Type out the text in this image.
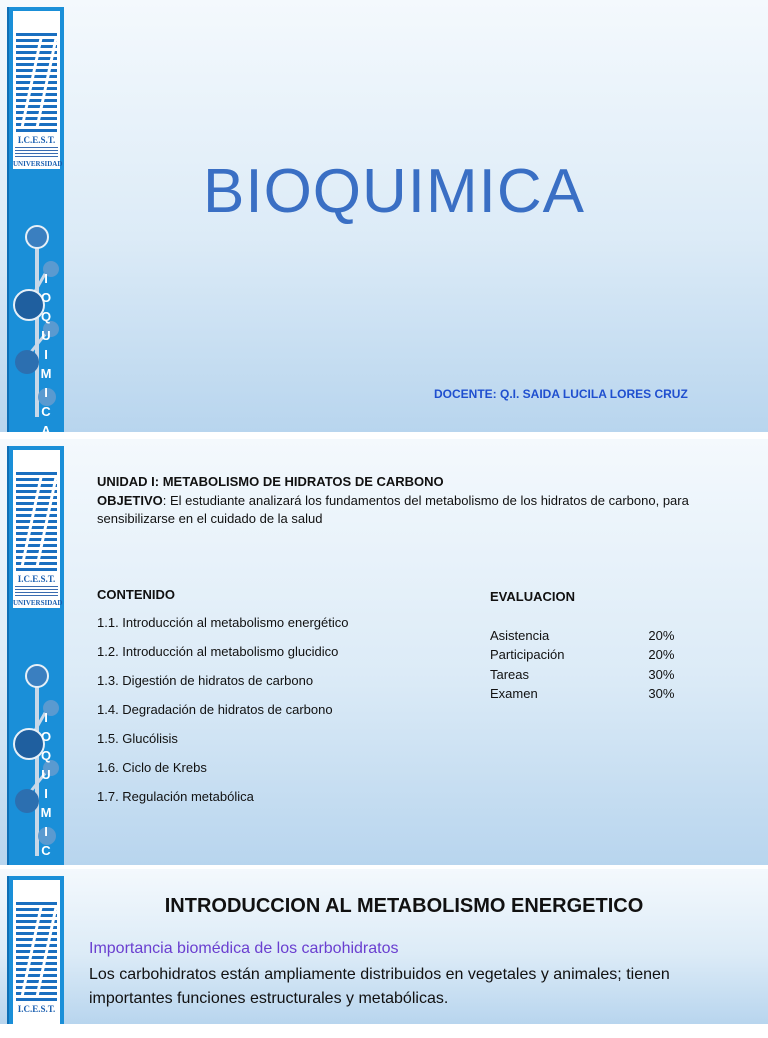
I.C.E.S.T.
UNIVERSIDAD
I
O
Q
U
I
M
I
C
A
BIOQUIMICA
DOCENTE: Q.I. SAIDA LUCILA LORES CRUZ
I.C.E.S.T.
UNIVERSIDAD
I
O
Q
U
I
M
I
C
UNIDAD I: METABOLISMO DE HIDRATOS DE CARBONO
OBJETIVO: El estudiante analizará los fundamentos del metabolismo de los hidratos de carbono, para sensibilizarse en el cuidado de la salud
CONTENIDO
1.1. Introducción al metabolismo energético
1.2. Introducción al metabolismo glucidico
1.3. Digestión de hidratos de carbono
1.4. Degradación de hidratos de carbono
1.5. Glucólisis
1.6. Ciclo de Krebs
1.7. Regulación metabólica
EVALUACION
Asistencia	20%
Participación	20%
Tareas	30%
Examen	30%
I.C.E.S.T.
INTRODUCCION AL METABOLISMO ENERGETICO
Importancia biomédica de los carbohidratos
Los carbohidratos están ampliamente distribuidos en vegetales y animales; tienen importantes funciones estructurales y metabólicas.
